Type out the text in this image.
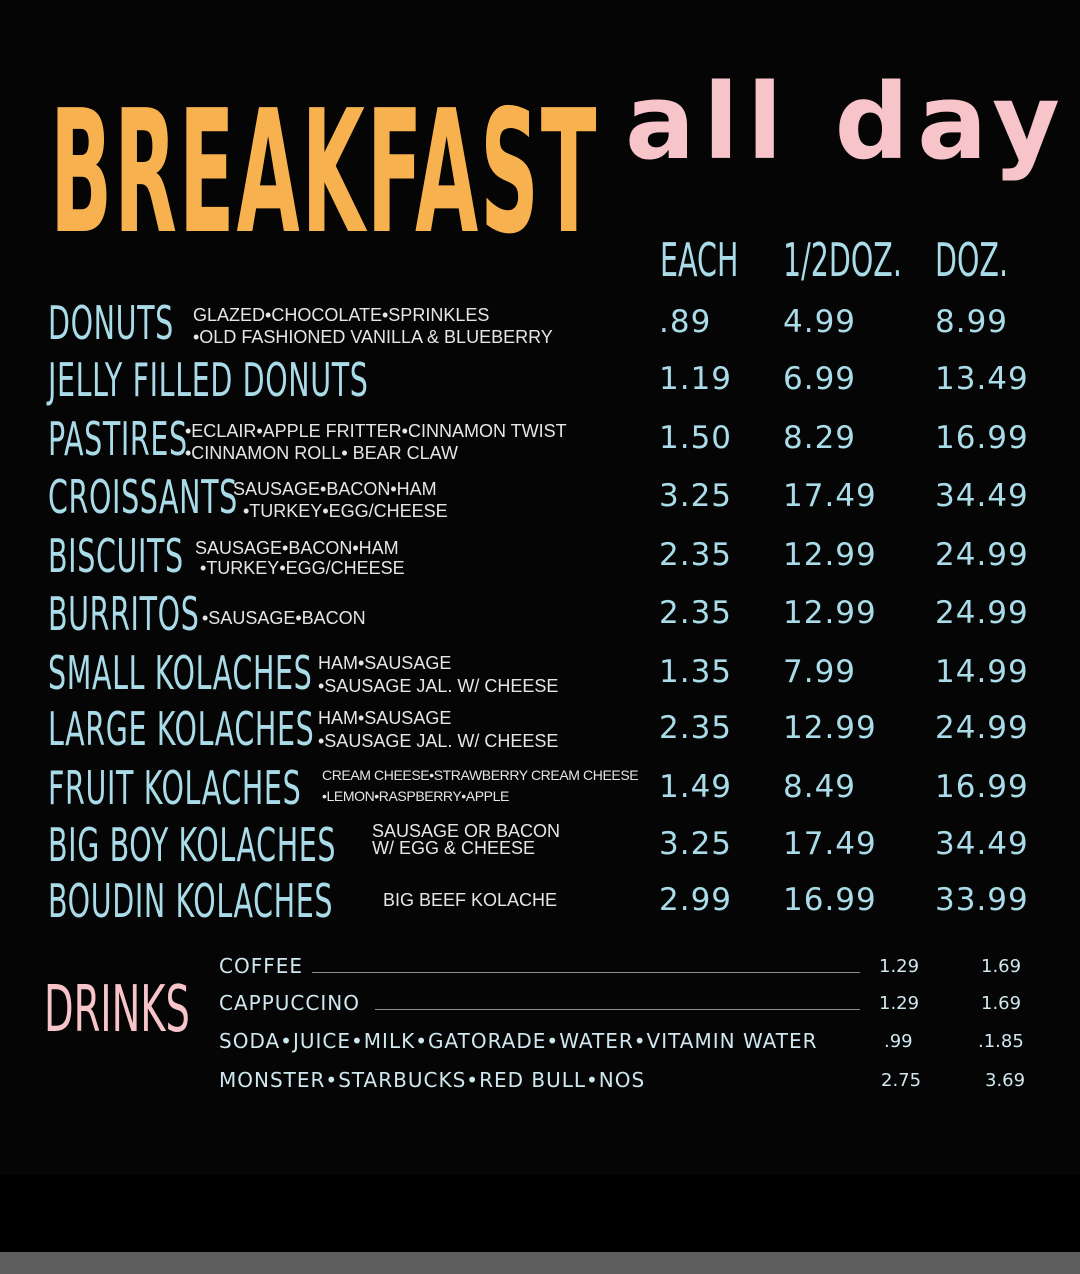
BREAKFAST all day
EACH 1/2DOZ. DOZ.
DONUTS GLAZED•CHOCOLATE•SPRINKLES
•OLD FASHIONED VANILLA & BLUEBERRY	.89 4.99	8.99
JELLY FILLED DONUTS	1.19 6.99	13.49
PASTIRES
•ECLAIR•APPLE FRITTER•CINNAMON TWIST
•CINNAMON ROLL• BEAR CLAW	1.50 8.29	16.99
CROISSANTS
SAUSAGE•BACON•HAM
•TURKEY•EGG/CHEESE	3.25 17.49 34.49
BISCUITS SAUSAGE•BACON•HAM
•TURKEY•EGG/CHEESE	2.35 12.99 24.99
BURRITOS •SAUSAGE•BACON	2.35 12.99 24.99
SMALL KOLACHES HAM•SAUSAGE
•SAUSAGE JAL. W/ CHEESE	1.35 7.99	14.99
LARGE KOLACHES HAM•SAUSAGE
•SAUSAGE JAL. W/ CHEESE	2.35 12.99 24.99
FRUIT KOLACHES CREAM CHEESE•STRAWBERRY CREAM CHEESE
•LEMON•RASPBERRY•APPLE	1.49 8.49	16.99
BIG BOY KOLACHES SAUSAGE OR BACON
W/ EGG & CHEESE	3.25 17.49 34.49
BOUDIN KOLACHES	BIG BEEF KOLACHE	2.99 16.99 33.99
DRINKS
COFFEE	1.29	1.69
CAPPUCCINO	1.29	1.69
SODA•JUICE•MILK•GATORADE•WATER•VITAMIN WATER	.99	.1.85
MONSTER•STARBUCKS•RED BULL•NOS	2.75	3.69
